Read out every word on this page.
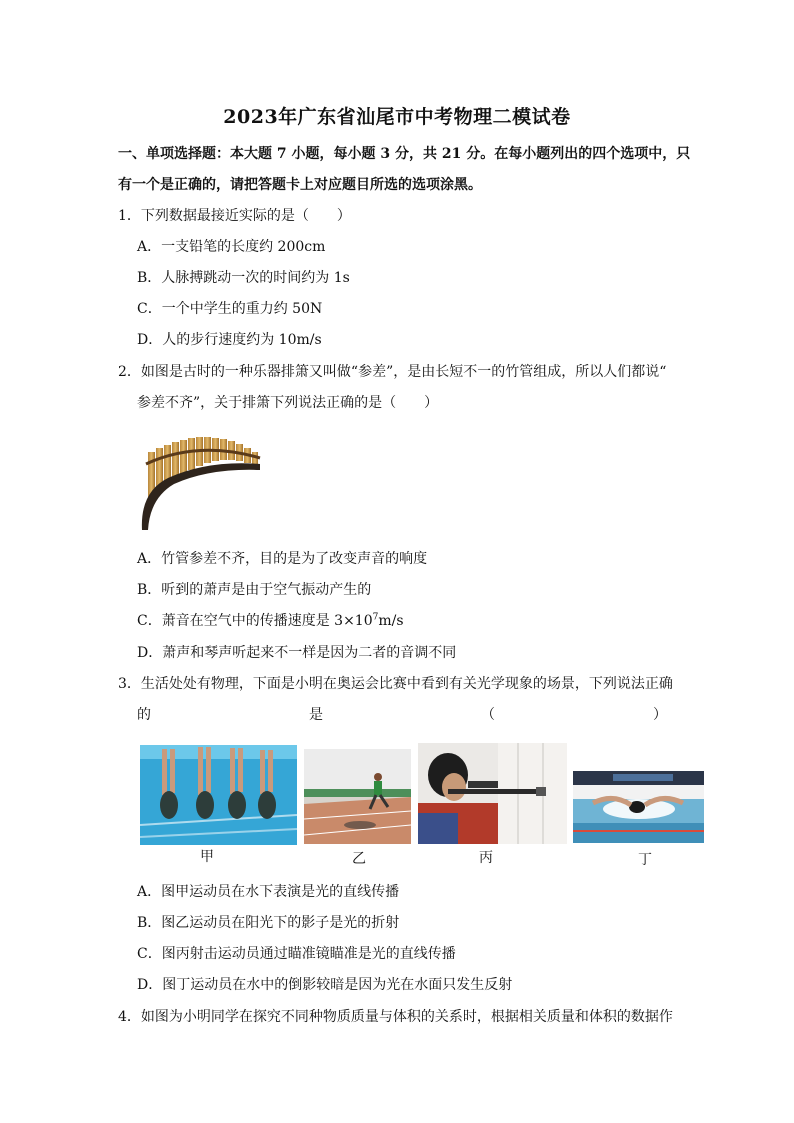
2023年广东省汕尾市中考物理二模试卷
一、单项选择题：本大题 7 小题，每小题 3 分，共 21 分。在每小题列出的四个选项中，只
有一个是正确的，请把答题卡上对应题目所选的选项涂黑。
1．下列数据最接近实际的是（　　）
A．一支铅笔的长度约 200cm
B．人脉搏跳动一次的时间约为 1s
C．一个中学生的重力约 50N
D．人的步行速度约为 10m/s
2．如图是古时的一种乐器排箫又叫做“参差”，是由长短不一的竹管组成，所以人们都说“
参差不齐”，关于排箫下列说法正确的是（　　）
A．竹管参差不齐，目的是为了改变声音的响度
B．听到的萧声是由于空气振动产生的
C．萧音在空气中的传播速度是 $3\times 10^7m/s$
D．萧声和琴声听起来不一样是因为二者的音调不同
3．生活处处有物理，下面是小明在奥运会比赛中看到有关光学现象的场景，下列说法正确
的	是	（	）
甲	乙	丙	丁
A．图甲运动员在水下表演是光的直线传播
B．图乙运动员在阳光下的影子是光的折射
C．图丙射击运动员通过瞄准镜瞄准是光的直线传播
D．图丁运动员在水中的倒影较暗是因为光在水面只发生反射
4．如图为小明同学在探究不同种物质质量与体积的关系时，根据相关质量和体积的数据作
